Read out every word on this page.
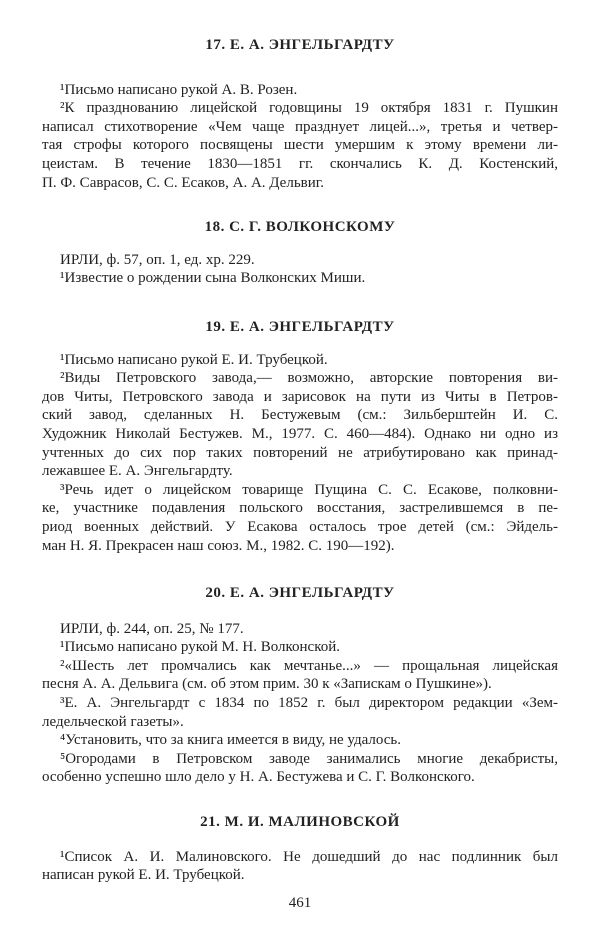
17. Е. А. ЭНГЕЛЬГАРДТУ
¹Письмо написано рукой А. В. Розен.
²К празднованию лицейской годовщины 19 октября 1831 г. Пушкин
написал стихотворение «Чем чаще празднует лицей...», третья и четвер-
тая строфы которого посвящены шести умершим к этому времени ли-
цеистам. В течение 1830—1851 гг. скончались К. Д. Костенский,
П. Ф. Саврасов, С. С. Есаков, А. А. Дельвиг.
18. С. Г. ВОЛКОНСКОМУ
ИРЛИ, ф. 57, оп. 1, ед. хр. 229.
¹Известие о рождении сына Волконских Миши.
19. Е. А. ЭНГЕЛЬГАРДТУ
¹Письмо написано рукой Е. И. Трубецкой.
²Виды Петровского завода,— возможно, авторские повторения ви-
дов Читы, Петровского завода и зарисовок на пути из Читы в Петров-
ский завод, сделанных Н. Бестужевым (см.: Зильберштейн И. С.
Художник Николай Бестужев. М., 1977. С. 460—484). Однако ни одно из
учтенных до сих пор таких повторений не атрибутировано как принад-
лежавшее Е. А. Энгельгардту.
³Речь идет о лицейском товарище Пущина С. С. Есакове, полковни-
ке, участнике подавления польского восстания, застрелившемся в пе-
риод военных действий. У Есакова осталось трое детей (см.: Эйдель-
ман Н. Я. Прекрасен наш союз. М., 1982. С. 190—192).
20. Е. А. ЭНГЕЛЬГАРДТУ
ИРЛИ, ф. 244, оп. 25, № 177.
¹Письмо написано рукой М. Н. Волконской.
²«Шесть лет промчались как мечтанье...» — прощальная лицейская
песня А. А. Дельвига (см. об этом прим. 30 к «Запискам о Пушкине»).
³Е. А. Энгельгардт с 1834 по 1852 г. был директором редакции «Зем-
ледельческой газеты».
⁴Установить, что за книга имеется в виду, не удалось.
⁵Огородами в Петровском заводе занимались многие декабристы,
особенно успешно шло дело у Н. А. Бестужева и С. Г. Волконского.
21. М. И. МАЛИНОВСКОЙ
¹Список А. И. Малиновского. Не дошедший до нас подлинник был
написан рукой Е. И. Трубецкой.
461
